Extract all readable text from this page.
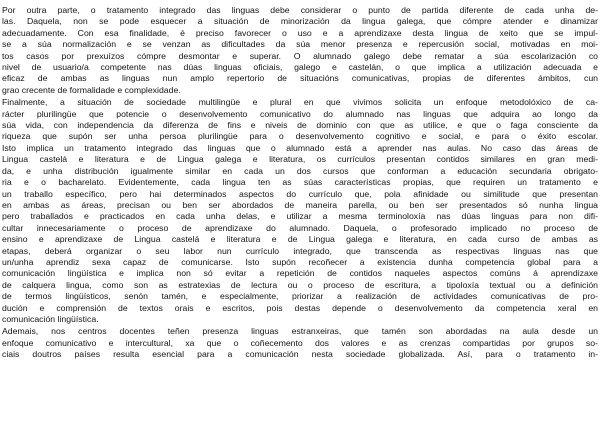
Por outra parte, o tratamento integrado das linguas debe considerar o punto de partida diferente de cada unha de-
las. Daquela, non se pode esquecer a situación de minorización da lingua galega, que cómpre atender e dinamizar
adecuadamente. Con esa finalidade, é preciso favorecer o uso e a aprendizaxe desta lingua de xeito que se impul-
se a súa normalización e se venzan as dificultades da súa menor presenza e repercusión social, motivadas en moi-
tos casos por prexuízos cómpre desmontar e superar. O alumnado galego debe rematar a súa escolarización co
nivel de usuario/a competente nas dúas linguas oficiais, galego e castelán, o que implica a utilización adecuada e
eficaz de ambas as linguas nun amplo repertorio de situacións comunicativas, propias de diferentes ámbitos, cun
grao crecente de formalidade e complexidade.
Finalmente, a situación de sociedade multilingüe e plural en que vivimos solicita un enfoque metodolóxico de ca-
rácter plurilingüe que potencie o desenvolvemento comunicativo do alumnado nas linguas que adquira ao longo da
súa vida, con independencia da diferenza de fins e niveis de dominio con que as utilice, e que o faga consciente da
riqueza que supón ser unha persoa plurilingüe para o desenvolvemento cognitivo e social, e para o éxito escolar.
Isto implica un tratamento integrado das linguas que o alumnado está a aprender nas aulas. No caso das áreas de
Lingua castelá e literatura e de Lingua galega e literatura, os currículos presentan contidos similares en gran medi-
da, e unha distribución igualmente similar en cada un dos cursos que conforman a educación secundaria obrigato-
ria e o bacharelato. Evidentemente, cada lingua ten as súas características propias, que requiren un tratamento e
un traballo específico, pero hai determinados aspectos do currículo que, pola afinidade ou similitude que presentan
en ambas as áreas, precisan ou ben ser abordados de maneira parella, ou ben ser presentados só nunha lingua
pero traballados e practicados en cada unha delas, e utilizar a mesma terminoloxía nas dúas linguas para non difi-
cultar innecesariamente o proceso de aprendizaxe do alumnado. Daquela, o profesorado implicado no proceso de
ensino e aprendizaxe de Lingua castelá e literatura e de Lingua galega e literatura, en cada curso de ambas as
etapas, deberá organizar o seu labor nun currículo integrado, que transcenda as respectivas linguas nas que
un/unha aprendiz sexa capaz de comunicarse. Isto supón recoñecer a existencia dunha competencia global para a
comunicación lingüística e implica non só evitar a repetición de contidos naqueles aspectos comúns á aprendizaxe
de calquera lingua, como son as estratexias de lectura ou o proceso de escritura, a tipoloxía textual ou a definición
de termos lingüísticos, senón tamén, e especialmente, priorizar a realización de actividades comunicativas de pro-
dución e comprensión de textos orais e escritos, pois destas depende o desenvolvemento da competencia xeral en
comunicación lingüística.
Ademais, nos centros docentes teñen presenza linguas estranxeiras, que tamén son abordadas na aula desde un
enfoque comunicativo e intercultural, xa que o coñecemento dos valores e as crenzas compartidas por grupos so-
ciais doutros países resulta esencial para a comunicación nesta sociedade globalizada. Así, para o tratamento in-
